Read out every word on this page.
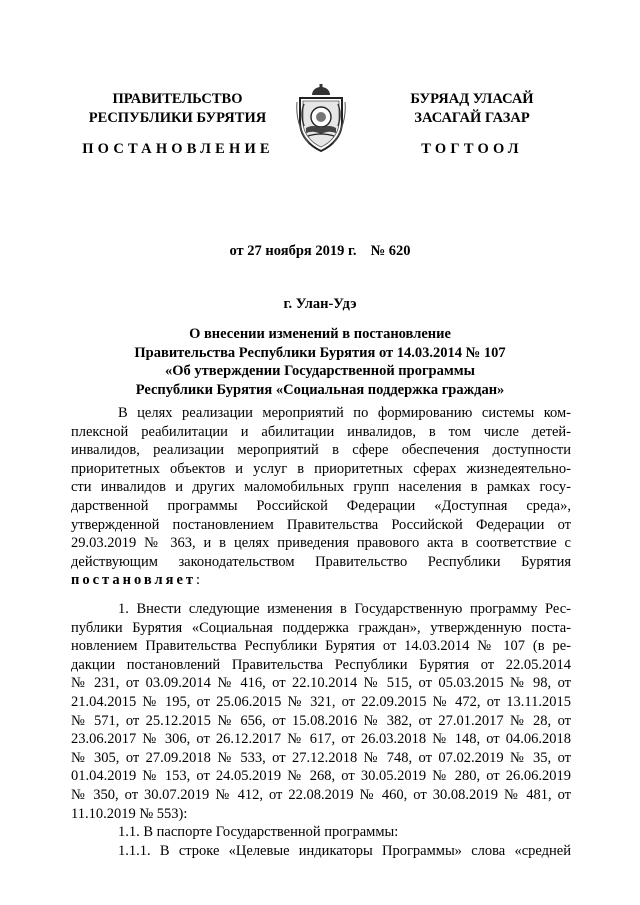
ПРАВИТЕЛЬСТВО
РЕСПУБЛИКИ БУРЯТИЯ
БУРЯАД УЛАСАЙ
ЗАСАГАЙ ГАЗАР
ПОСТАНОВЛЕНИЕ	ТОГТООЛ
от 27 ноября 2019 г. № 620
г. Улан-Удэ
О внесении изменений в постановление
Правительства Республики Бурятия от 14.03.2014 № 107
«Об утверждении Государственной программы
Республики Бурятия «Социальная поддержка граждан»
В целях реализации мероприятий по формированию системы ком-
плексной реабилитации и абилитации инвалидов, в том числе детей-
инвалидов, реализации мероприятий в сфере обеспечения доступности
приоритетных объектов и услуг в приоритетных сферах жизнедеятельно-
сти инвалидов и других маломобильных групп населения в рамках госу-
дарственной программы Российской Федерации «Доступная среда»,
утвержденной постановлением Правительства Российской Федерации от
29.03.2019 № 363, и в целях приведения правового акта в соответствие с
действующим законодательством Правительство Республики Бурятия
постановляет:
1. Внести следующие изменения в Государственную программу Рес-
публики Бурятия «Социальная поддержка граждан», утвержденную поста-
новлением Правительства Республики Бурятия от 14.03.2014 № 107 (в ре-
дакции постановлений Правительства Республики Бурятия от 22.05.2014
№ 231, от 03.09.2014 № 416, от 22.10.2014 № 515, от 05.03.2015 № 98, от
21.04.2015 № 195, от 25.06.2015 № 321, от 22.09.2015 № 472, от 13.11.2015
№ 571, от 25.12.2015 № 656, от 15.08.2016 № 382, от 27.01.2017 № 28, от
23.06.2017 № 306, от 26.12.2017 № 617, от 26.03.2018 № 148, от 04.06.2018
№ 305, от 27.09.2018 № 533, от 27.12.2018 № 748, от 07.02.2019 № 35, от
01.04.2019 № 153, от 24.05.2019 № 268, от 30.05.2019 № 280, от 26.06.2019
№ 350, от 30.07.2019 № 412, от 22.08.2019 № 460, от 30.08.2019 № 481, от
11.10.2019 № 553):
1.1. В паспорте Государственной программы:
1.1.1. В строке «Целевые индикаторы Программы» слова «средней
